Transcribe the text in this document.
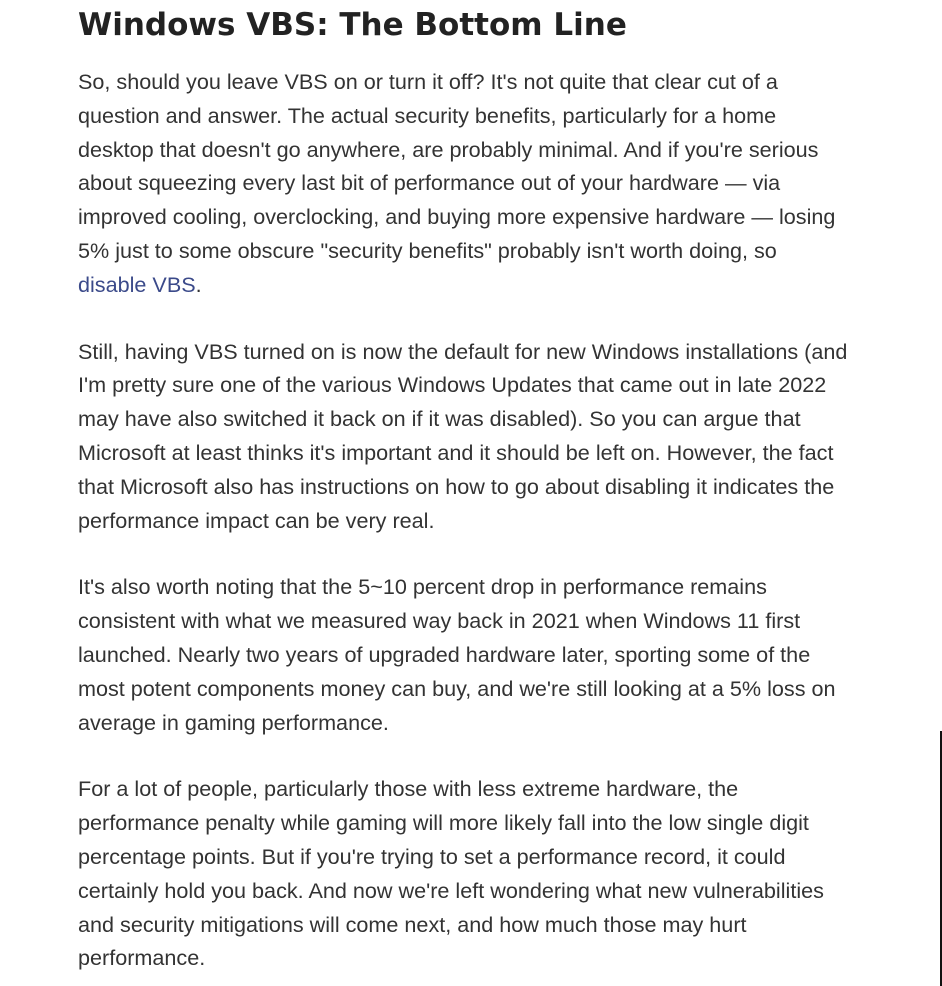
Windows VBS: The Bottom Line

So, should you leave VBS on or turn it off? It's not quite that clear cut of a
question and answer. The actual security benefits, particularly for a home
desktop that doesn't go anywhere, are probably minimal. And if you're serious
about squeezing every last bit of performance out of your hardware — via
improved cooling, overclocking, and buying more expensive hardware — losing
5% just to some obscure "security benefits" probably isn't worth doing, so
disable VBS.

Still, having VBS turned on is now the default for new Windows installations (and
I'm pretty sure one of the various Windows Updates that came out in late 2022
may have also switched it back on if it was disabled). So you can argue that
Microsoft at least thinks it's important and it should be left on. However, the fact
that Microsoft also has instructions on how to go about disabling it indicates the
performance impact can be very real.

It's also worth noting that the 5~10 percent drop in performance remains
consistent with what we measured way back in 2021 when Windows 11 first
launched. Nearly two years of upgraded hardware later, sporting some of the
most potent components money can buy, and we're still looking at a 5% loss on
average in gaming performance.

For a lot of people, particularly those with less extreme hardware, the
performance penalty while gaming will more likely fall into the low single digit
percentage points. But if you're trying to set a performance record, it could
certainly hold you back. And now we're left wondering what new vulnerabilities
and security mitigations will come next, and how much those may hurt
performance.
